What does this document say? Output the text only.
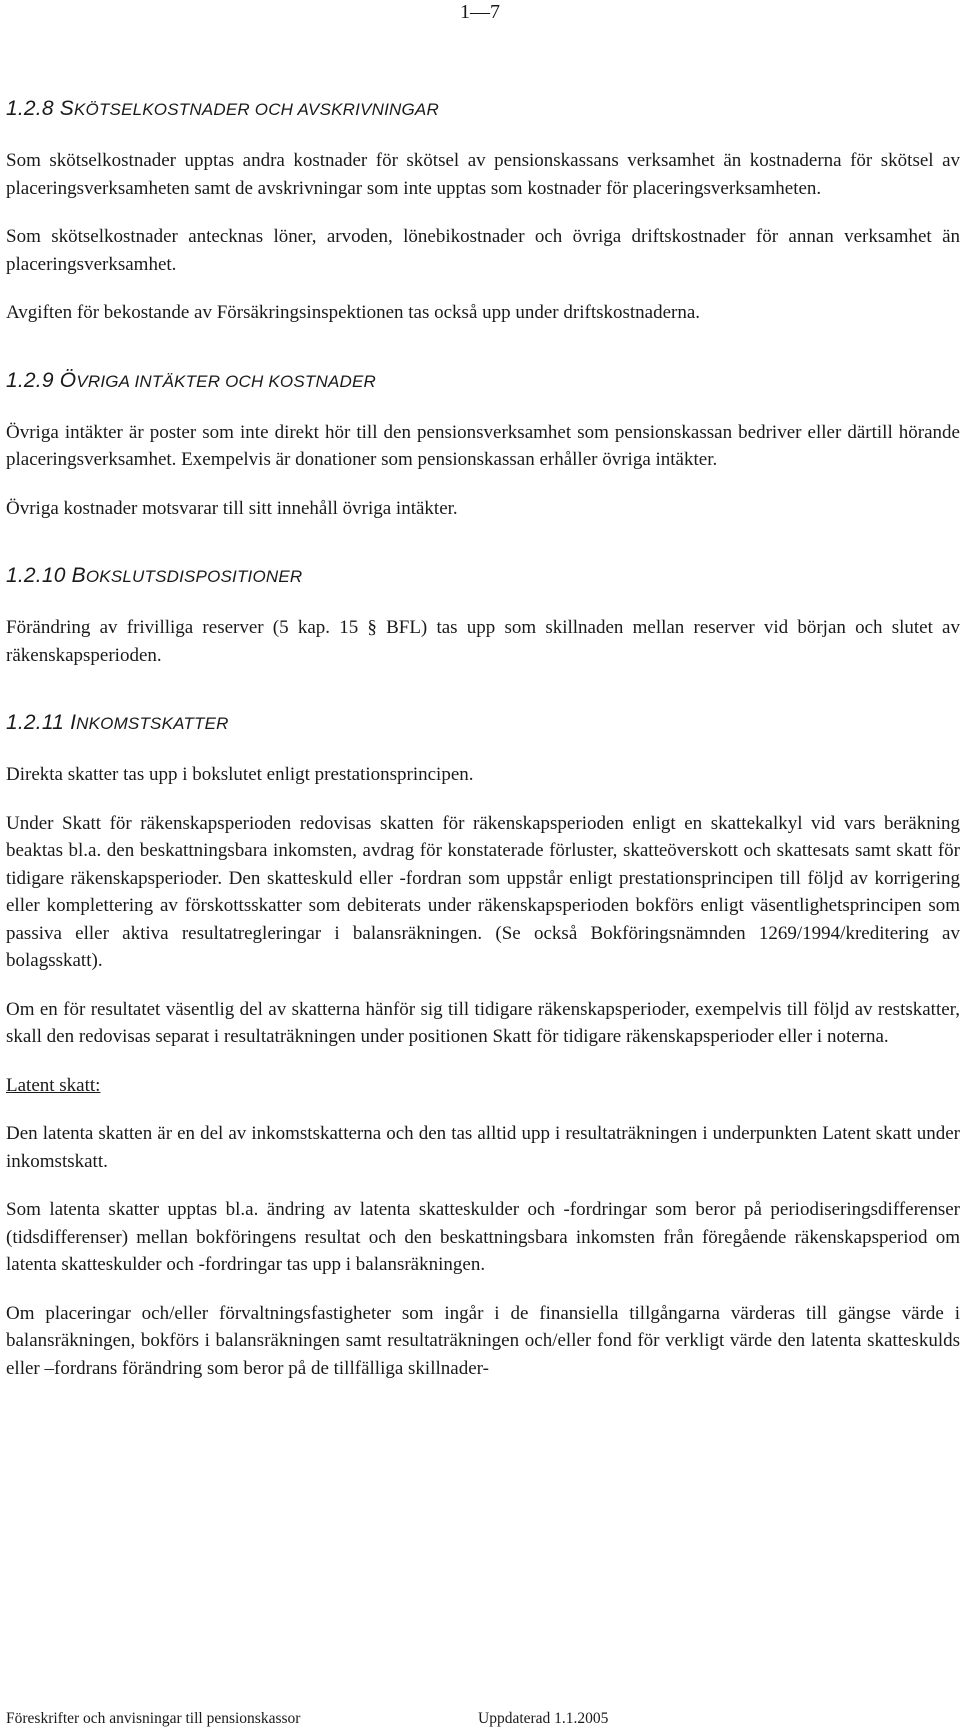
1—7
1.2.8 SKÖTSELKOSTNADER OCH AVSKRIVNINGAR

Som skötselkostnader upptas andra kostnader för skötsel av pensionskassans verksamhet än kostnaderna för skötsel av placeringsverksamheten samt de avskrivningar som inte upptas som kostnader för placeringsverksamheten.

Som skötselkostnader antecknas löner, arvoden, lönebikostnader och övriga driftskostnader för annan verksamhet än placeringsverksamhet.

Avgiften för bekostande av Försäkringsinspektionen tas också upp under driftskostnaderna.

1.2.9 ÖVRIGA INTÄKTER OCH KOSTNADER

Övriga intäkter är poster som inte direkt hör till den pensionsverksamhet som pensionskassan bedriver eller därtill hörande placeringsverksamhet. Exempelvis är donationer som pensionskassan erhåller övriga intäkter.

Övriga kostnader motsvarar till sitt innehåll övriga intäkter.

1.2.10 BOKSLUTSDISPOSITIONER

Förändring av frivilliga reserver (5 kap. 15 § BFL) tas upp som skillnaden mellan reserver vid början och slutet av räkenskapsperioden.

1.2.11 INKOMSTSKATTER

Direkta skatter tas upp i bokslutet enligt prestationsprincipen.

Under Skatt för räkenskapsperioden redovisas skatten för räkenskapsperioden enligt en skattekalkyl vid vars beräkning beaktas bl.a. den beskattningsbara inkomsten, avdrag för konstaterade förluster, skatteöverskott och skattesats samt skatt för tidigare räkenskapsperioder. Den skatteskuld eller -fordran som uppstår enligt prestationsprincipen till följd av korrigering eller komplettering av förskottsskatter som debiterats under räkenskapsperioden bokförs enligt väsentlighetsprincipen som passiva eller aktiva resultatregleringar i balansräkningen. (Se också Bokföringsnämnden 1269/1994/kreditering av bolagsskatt).

Om en för resultatet väsentlig del av skatterna hänför sig till tidigare räkenskapsperioder, exempelvis till följd av restskatter, skall den redovisas separat i resultaträkningen under positionen Skatt för tidigare räkenskapsperioder eller i noterna.

Latent skatt:

Den latenta skatten är en del av inkomstskatterna och den tas alltid upp i resultaträkningen i underpunkten Latent skatt under inkomstskatt.

Som latenta skatter upptas bl.a. ändring av latenta skatteskulder och -fordringar som beror på periodiseringsdifferenser (tidsdifferenser) mellan bokföringens resultat och den beskattningsbara inkomsten från föregående räkenskapsperiod om latenta skatteskulder och -fordringar tas upp i balansräkningen.

Om placeringar och/eller förvaltningsfastigheter som ingår i de finansiella tillgångarna värderas till gängse värde i balansräkningen, bokförs i balansräkningen samt resultaträkningen och/eller fond för verkligt värde den latenta skatteskulds eller –fordrans förändring som beror på de tillfälliga skillnader-

Föreskrifter och anvisningar till pensionskassor	Uppdaterad 1.1.2005
